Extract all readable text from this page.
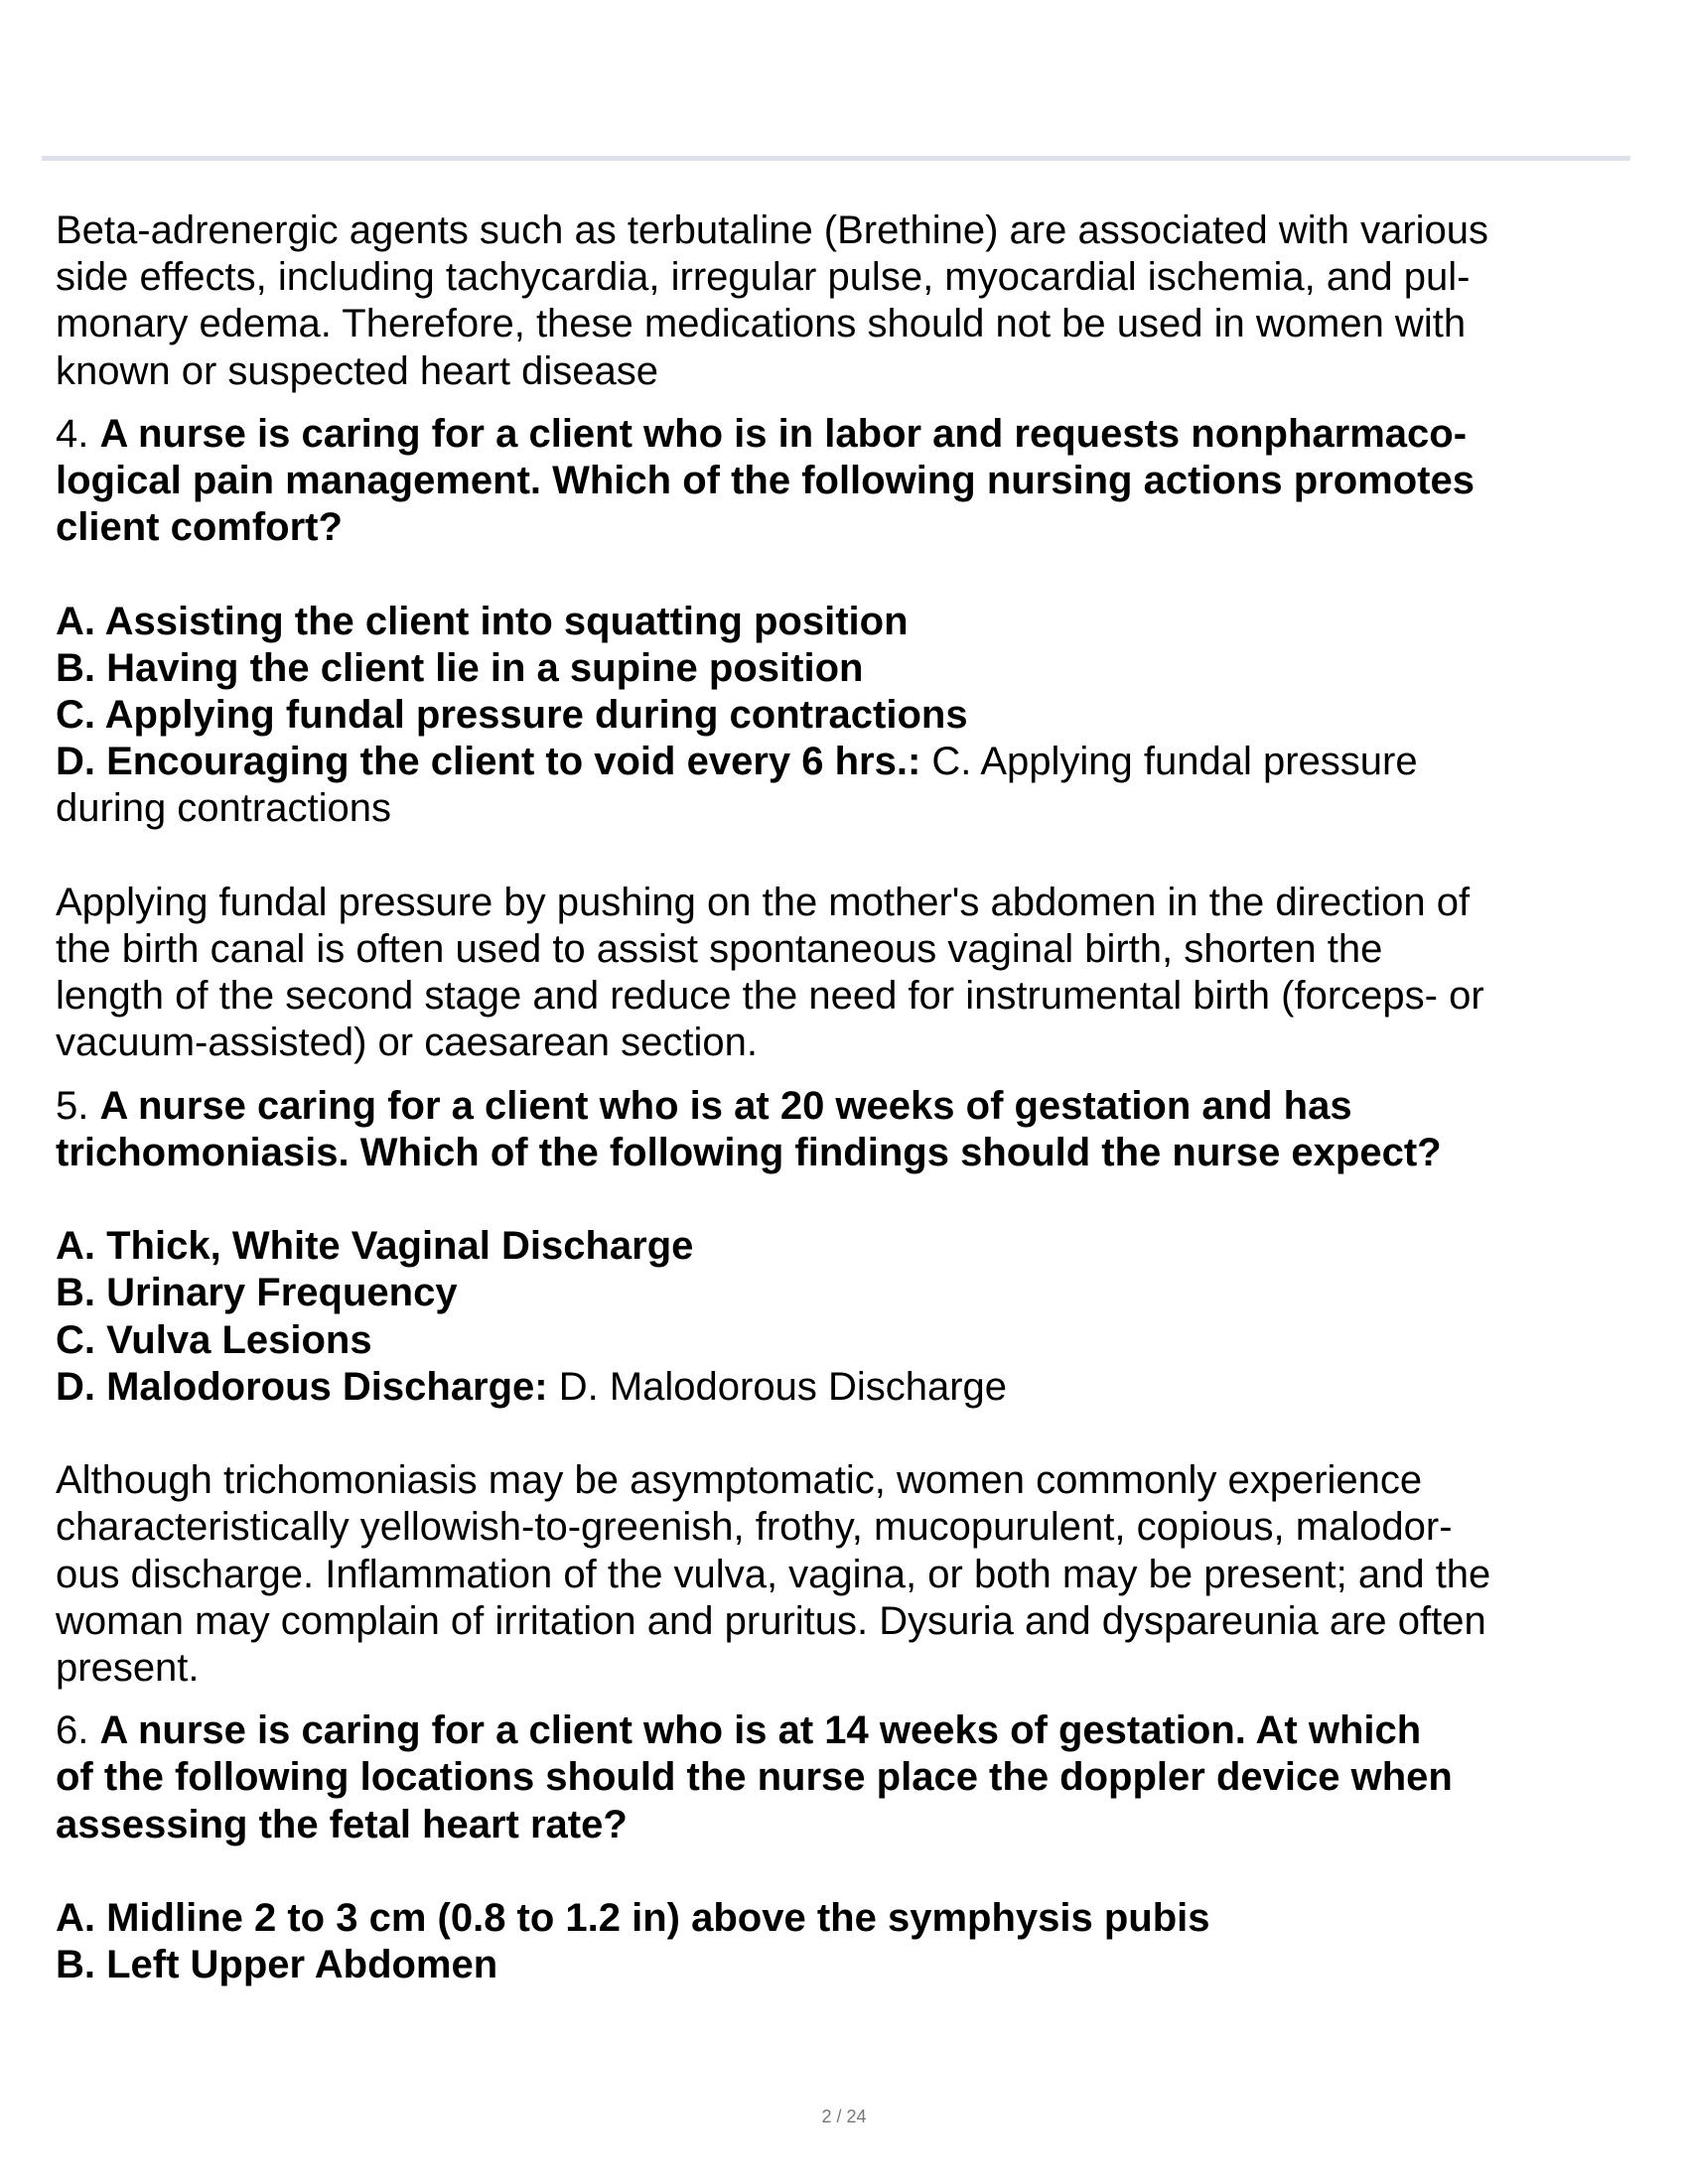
Beta-adrenergic agents such as terbutaline (Brethine) are associated with various
side effects, including tachycardia, irregular pulse, myocardial ischemia, and pul-
monary edema. Therefore, these medications should not be used in women with
known or suspected heart disease
4. A nurse is caring for a client who is in labor and requests nonpharmaco-
logical pain management. Which of the following nursing actions promotes
client comfort?
A. Assisting the client into squatting position
B. Having the client lie in a supine position
C. Applying fundal pressure during contractions
D. Encouraging the client to void every 6 hrs.: C. Applying fundal pressure
during contractions
Applying fundal pressure by pushing on the mother's abdomen in the direction of
the birth canal is often used to assist spontaneous vaginal birth, shorten the
length of the second stage and reduce the need for instrumental birth (forceps- or
vacuum-assisted) or caesarean section.
5. A nurse caring for a client who is at 20 weeks of gestation and has
trichomoniasis. Which of the following findings should the nurse expect?
A. Thick, White Vaginal Discharge
B. Urinary Frequency
C. Vulva Lesions
D. Malodorous Discharge: D. Malodorous Discharge
Although trichomoniasis may be asymptomatic, women commonly experience
characteristically yellowish-to-greenish, frothy, mucopurulent, copious, malodor-
ous discharge. Inflammation of the vulva, vagina, or both may be present; and the
woman may complain of irritation and pruritus. Dysuria and dyspareunia are often
present.
6. A nurse is caring for a client who is at 14 weeks of gestation. At which
of the following locations should the nurse place the doppler device when
assessing the fetal heart rate?
A. Midline 2 to 3 cm (0.8 to 1.2 in) above the symphysis pubis
B. Left Upper Abdomen
2 / 24
